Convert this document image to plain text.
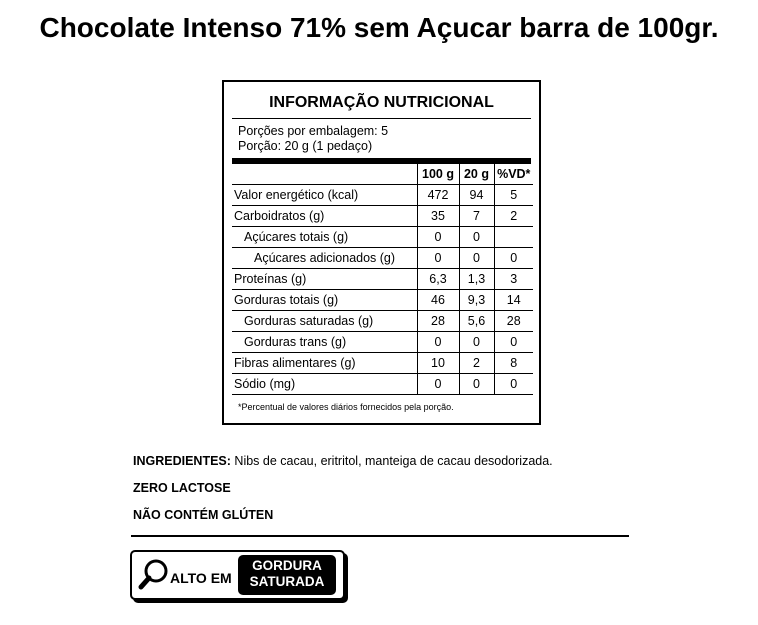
Chocolate Intenso 71% sem Açucar barra de 100gr.
INFORMAÇÃO NUTRICIONAL
Porções por embalagem: 5
Porção: 20 g (1 pedaço)
	100 g	20 g	%VD*
Valor energético (kcal)	472	94	5
Carboidratos (g)	35	7	2
Açúcares totais (g)	0	0	
Açúcares adicionados (g)	0	0	0
Proteínas (g)	6,3	1,3	3
Gorduras totais (g)	46	9,3	14
Gorduras saturadas (g)	28	5,6	28
Gorduras trans (g)	0	0	0
Fibras alimentares (g)	10	2	8
Sódio (mg)	0	0	0
*Percentual de valores diários fornecidos pela porção.
INGREDIENTES: Nibs de cacau, eritritol, manteiga de cacau desodorizada.
ZERO LACTOSE
NÃO CONTÉM GLÚTEN
ALTO EM
GORDURA
SATURADA
